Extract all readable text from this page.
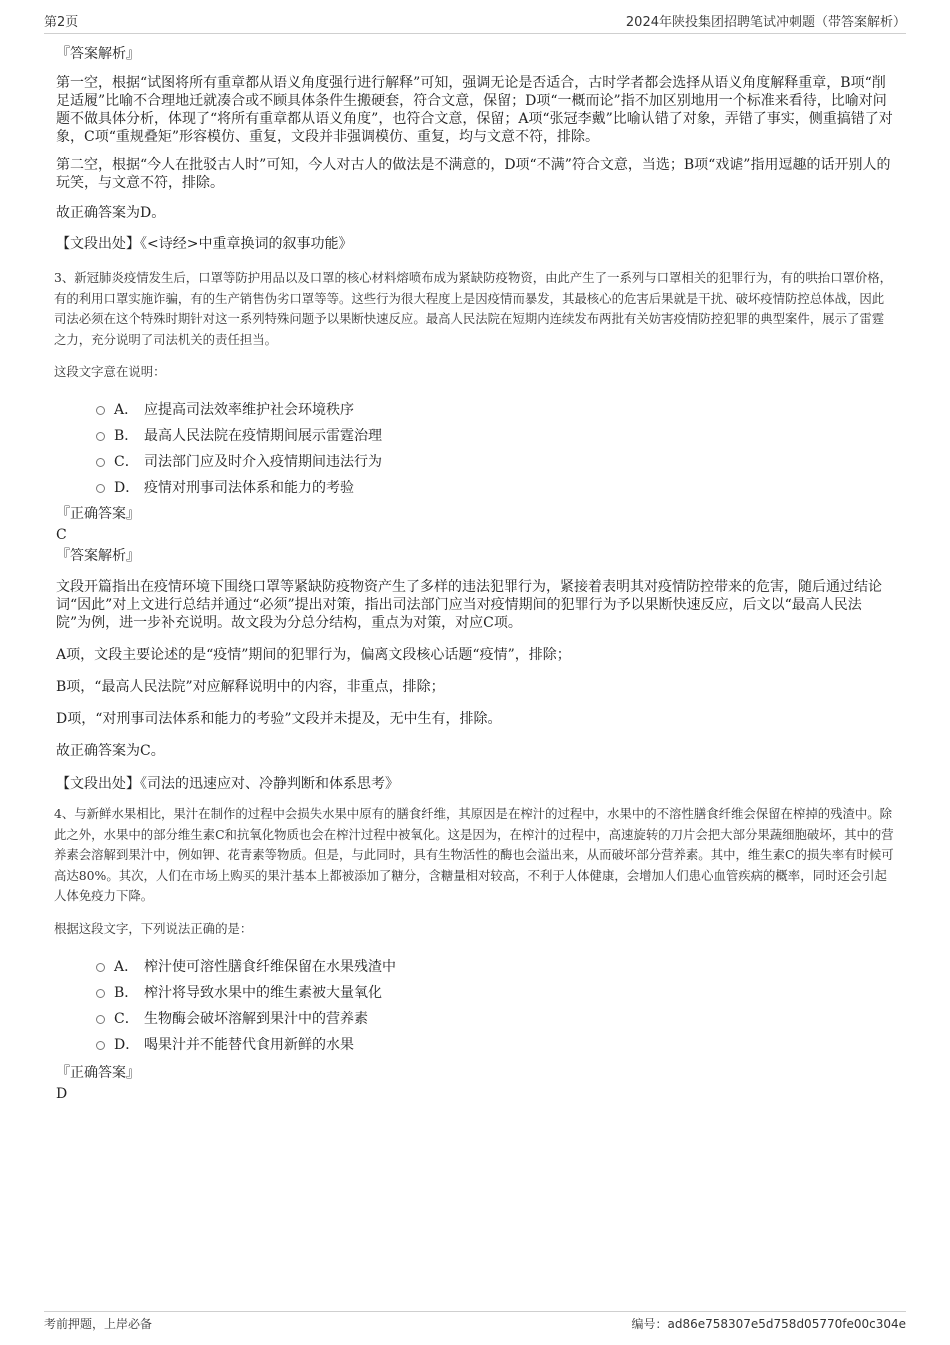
第2页	2024年陕投集团招聘笔试冲刺题（带答案解析）
『答案解析』

第一空，根据“试图将所有重章都从语义角度强行进行解释”可知，强调无论是否适合，古时学者都会选择从语义角度解释重章，B项“削足适履”比喻不合理地迁就凑合或不顾具体条件生搬硬套，符合文意，保留；D项“一概而论”指不加区别地用一个标准来看待，比喻对问题不做具体分析，体现了“将所有重章都从语义角度”，也符合文意，保留；A项“张冠李戴”比喻认错了对象，弄错了事实，侧重搞错了对象，C项“重规叠矩”形容模仿、重复，文段并非强调模仿、重复，均与文意不符，排除。

第二空，根据“今人在批驳古人时”可知，今人对古人的做法是不满意的，D项“不满”符合文意，当选；B项“戏谑”指用逗趣的话开别人的玩笑，与文意不符，排除。

故正确答案为D。

【文段出处】《<诗经>中重章换词的叙事功能》

3、新冠肺炎疫情发生后，口罩等防护用品以及口罩的核心材料熔喷布成为紧缺防疫物资，由此产生了一系列与口罩相关的犯罪行为，有的哄抬口罩价格，有的利用口罩实施诈骗，有的生产销售伪劣口罩等等。这些行为很大程度上是因疫情而暴发，其最核心的危害后果就是干扰、破坏疫情防控总体战，因此司法必须在这个特殊时期针对这一系列特殊问题予以果断快速反应。最高人民法院在短期内连续发布两批有关妨害疫情防控犯罪的典型案件，展示了雷霆之力，充分说明了司法机关的责任担当。

这段文字意在说明：

A． 应提高司法效率维护社会环境秩序
B． 最高人民法院在疫情期间展示雷霆治理
C． 司法部门应及时介入疫情期间违法行为
D． 疫情对刑事司法体系和能力的考验
『正确答案』
C
『答案解析』

文段开篇指出在疫情环境下围绕口罩等紧缺防疫物资产生了多样的违法犯罪行为，紧接着表明其对疫情防控带来的危害，随后通过结论词“因此”对上文进行总结并通过“必须”提出对策，指出司法部门应当对疫情期间的犯罪行为予以果断快速反应，后文以“最高人民法院”为例，进一步补充说明。故文段为分总分结构，重点为对策，对应C项。

A项，文段主要论述的是“疫情”期间的犯罪行为，偏离文段核心话题“疫情”，排除；

B项，“最高人民法院”对应解释说明中的内容，非重点，排除；

D项，“对刑事司法体系和能力的考验”文段并未提及，无中生有，排除。

故正确答案为C。

【文段出处】《司法的迅速应对、冷静判断和体系思考》

4、与新鲜水果相比，果汁在制作的过程中会损失水果中原有的膳食纤维，其原因是在榨汁的过程中，水果中的不溶性膳食纤维会保留在榨掉的残渣中。除此之外，水果中的部分维生素C和抗氧化物质也会在榨汁过程中被氧化。这是因为，在榨汁的过程中，高速旋转的刀片会把大部分果蔬细胞破坏，其中的营养素会溶解到果汁中，例如钾、花青素等物质。但是，与此同时，具有生物活性的酶也会溢出来，从而破坏部分营养素。其中，维生素C的损失率有时候可高达80%。其次，人们在市场上购买的果汁基本上都被添加了糖分，含糖量相对较高，不利于人体健康，会增加人们患心血管疾病的概率，同时还会引起人体免疫力下降。

根据这段文字，下列说法正确的是：

A． 榨汁使可溶性膳食纤维保留在水果残渣中
B． 榨汁将导致水果中的维生素被大量氧化
C． 生物酶会破坏溶解到果汁中的营养素
D． 喝果汁并不能替代食用新鲜的水果
『正确答案』
D
考前押题，上岸必备	编号：ad86e758307e5d758d05770fe00c304e
